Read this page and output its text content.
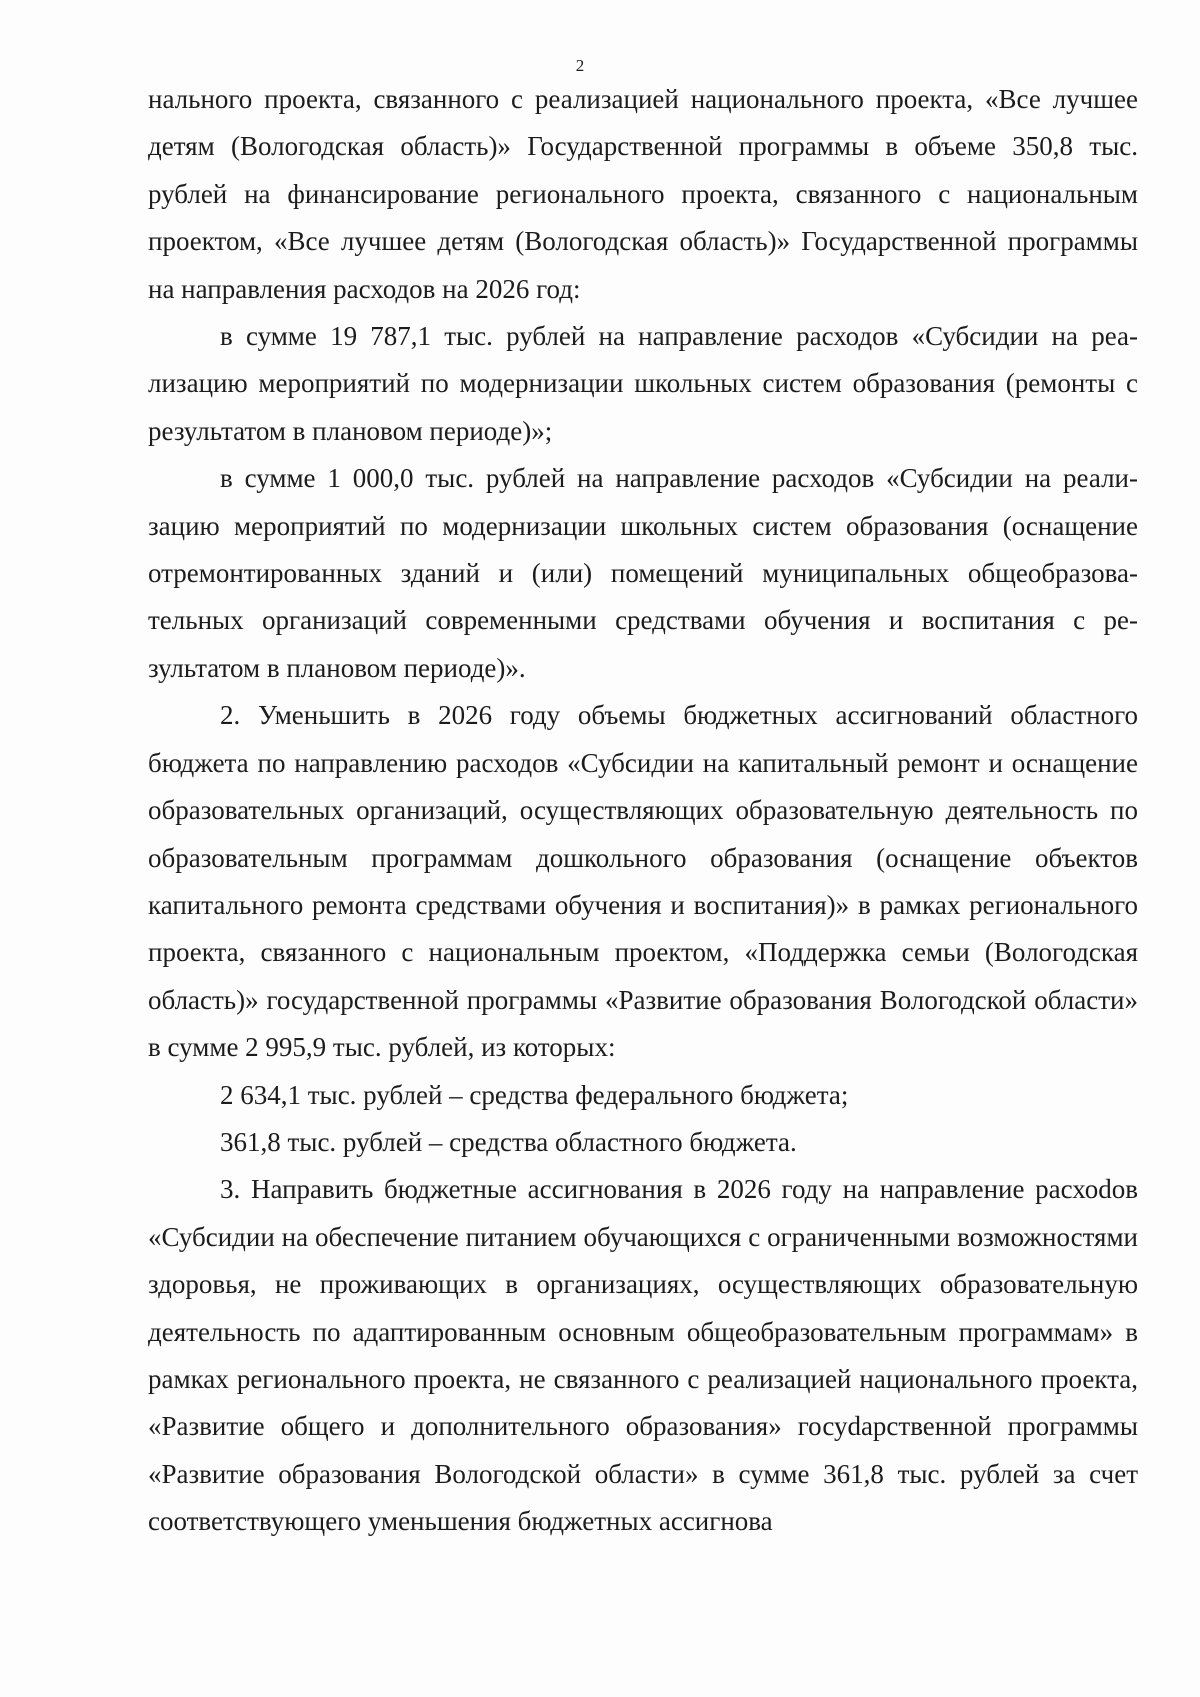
2

нального проекта, связанного с реализацией национального проекта, «Все лучшее детям (Вологодская область)» Государственной программы в объеме 350,8 тыс. рублей на финансирование регионального проекта, связанного с национальным проектом, «Все лучшее детям (Вологодская область)» Государственной программы на направления расходов на 2026 год:

в сумме 19 787,1 тыс. рублей на направление расходов «Субсидии на реализацию мероприятий по модернизации школьных систем образования (ремонты с результатом в плановом периоде)»;

в сумме 1 000,0 тыс. рублей на направление расходов «Субсидии на реализацию мероприятий по модернизации школьных систем образования (оснащение отремонтированных зданий и (или) помещений муниципальных общеобразовательных организаций современными средствами обучения и воспитания с результатом в плановом периоде)».

2. Уменьшить в 2026 году объемы бюджетных ассигнований областного бюджета по направлению расходов «Субсидии на капитальный ремонт и оснащение образовательных организаций, осуществляющих образовательную деятельность по образовательным программам дошкольного образования (оснащение объектов капитального ремонта средствами обучения и воспитания)» в рамках регионального проекта, связанного с национальным проектом, «Поддержка семьи (Вологодская область)» государственной программы «Развитие образования Вологодской области» в сумме 2 995,9 тыс. рублей, из которых:

2 634,1 тыс. рублей – средства федерального бюджета;

361,8 тыс. рублей – средства областного бюджета.

3. Направить бюджетные ассигнования в 2026 году на направление расхоdов «Субсидии на обеспечение питанием обучающихся с ограниченными возможностями здоровья, не проживающих в организациях, осуществляющих образовательную деятельность по адаптированным основным общеобразовательным программам» в рамках регионального проекта, не связанного с реализацией национального проекта, «Развитие общего и дополнительного образования» госуdарственной программы «Развитие образования Вологодской области» в сумме 361,8 тыс. рублей за счет соответствующего уменьшения бюджетных ассигнова
